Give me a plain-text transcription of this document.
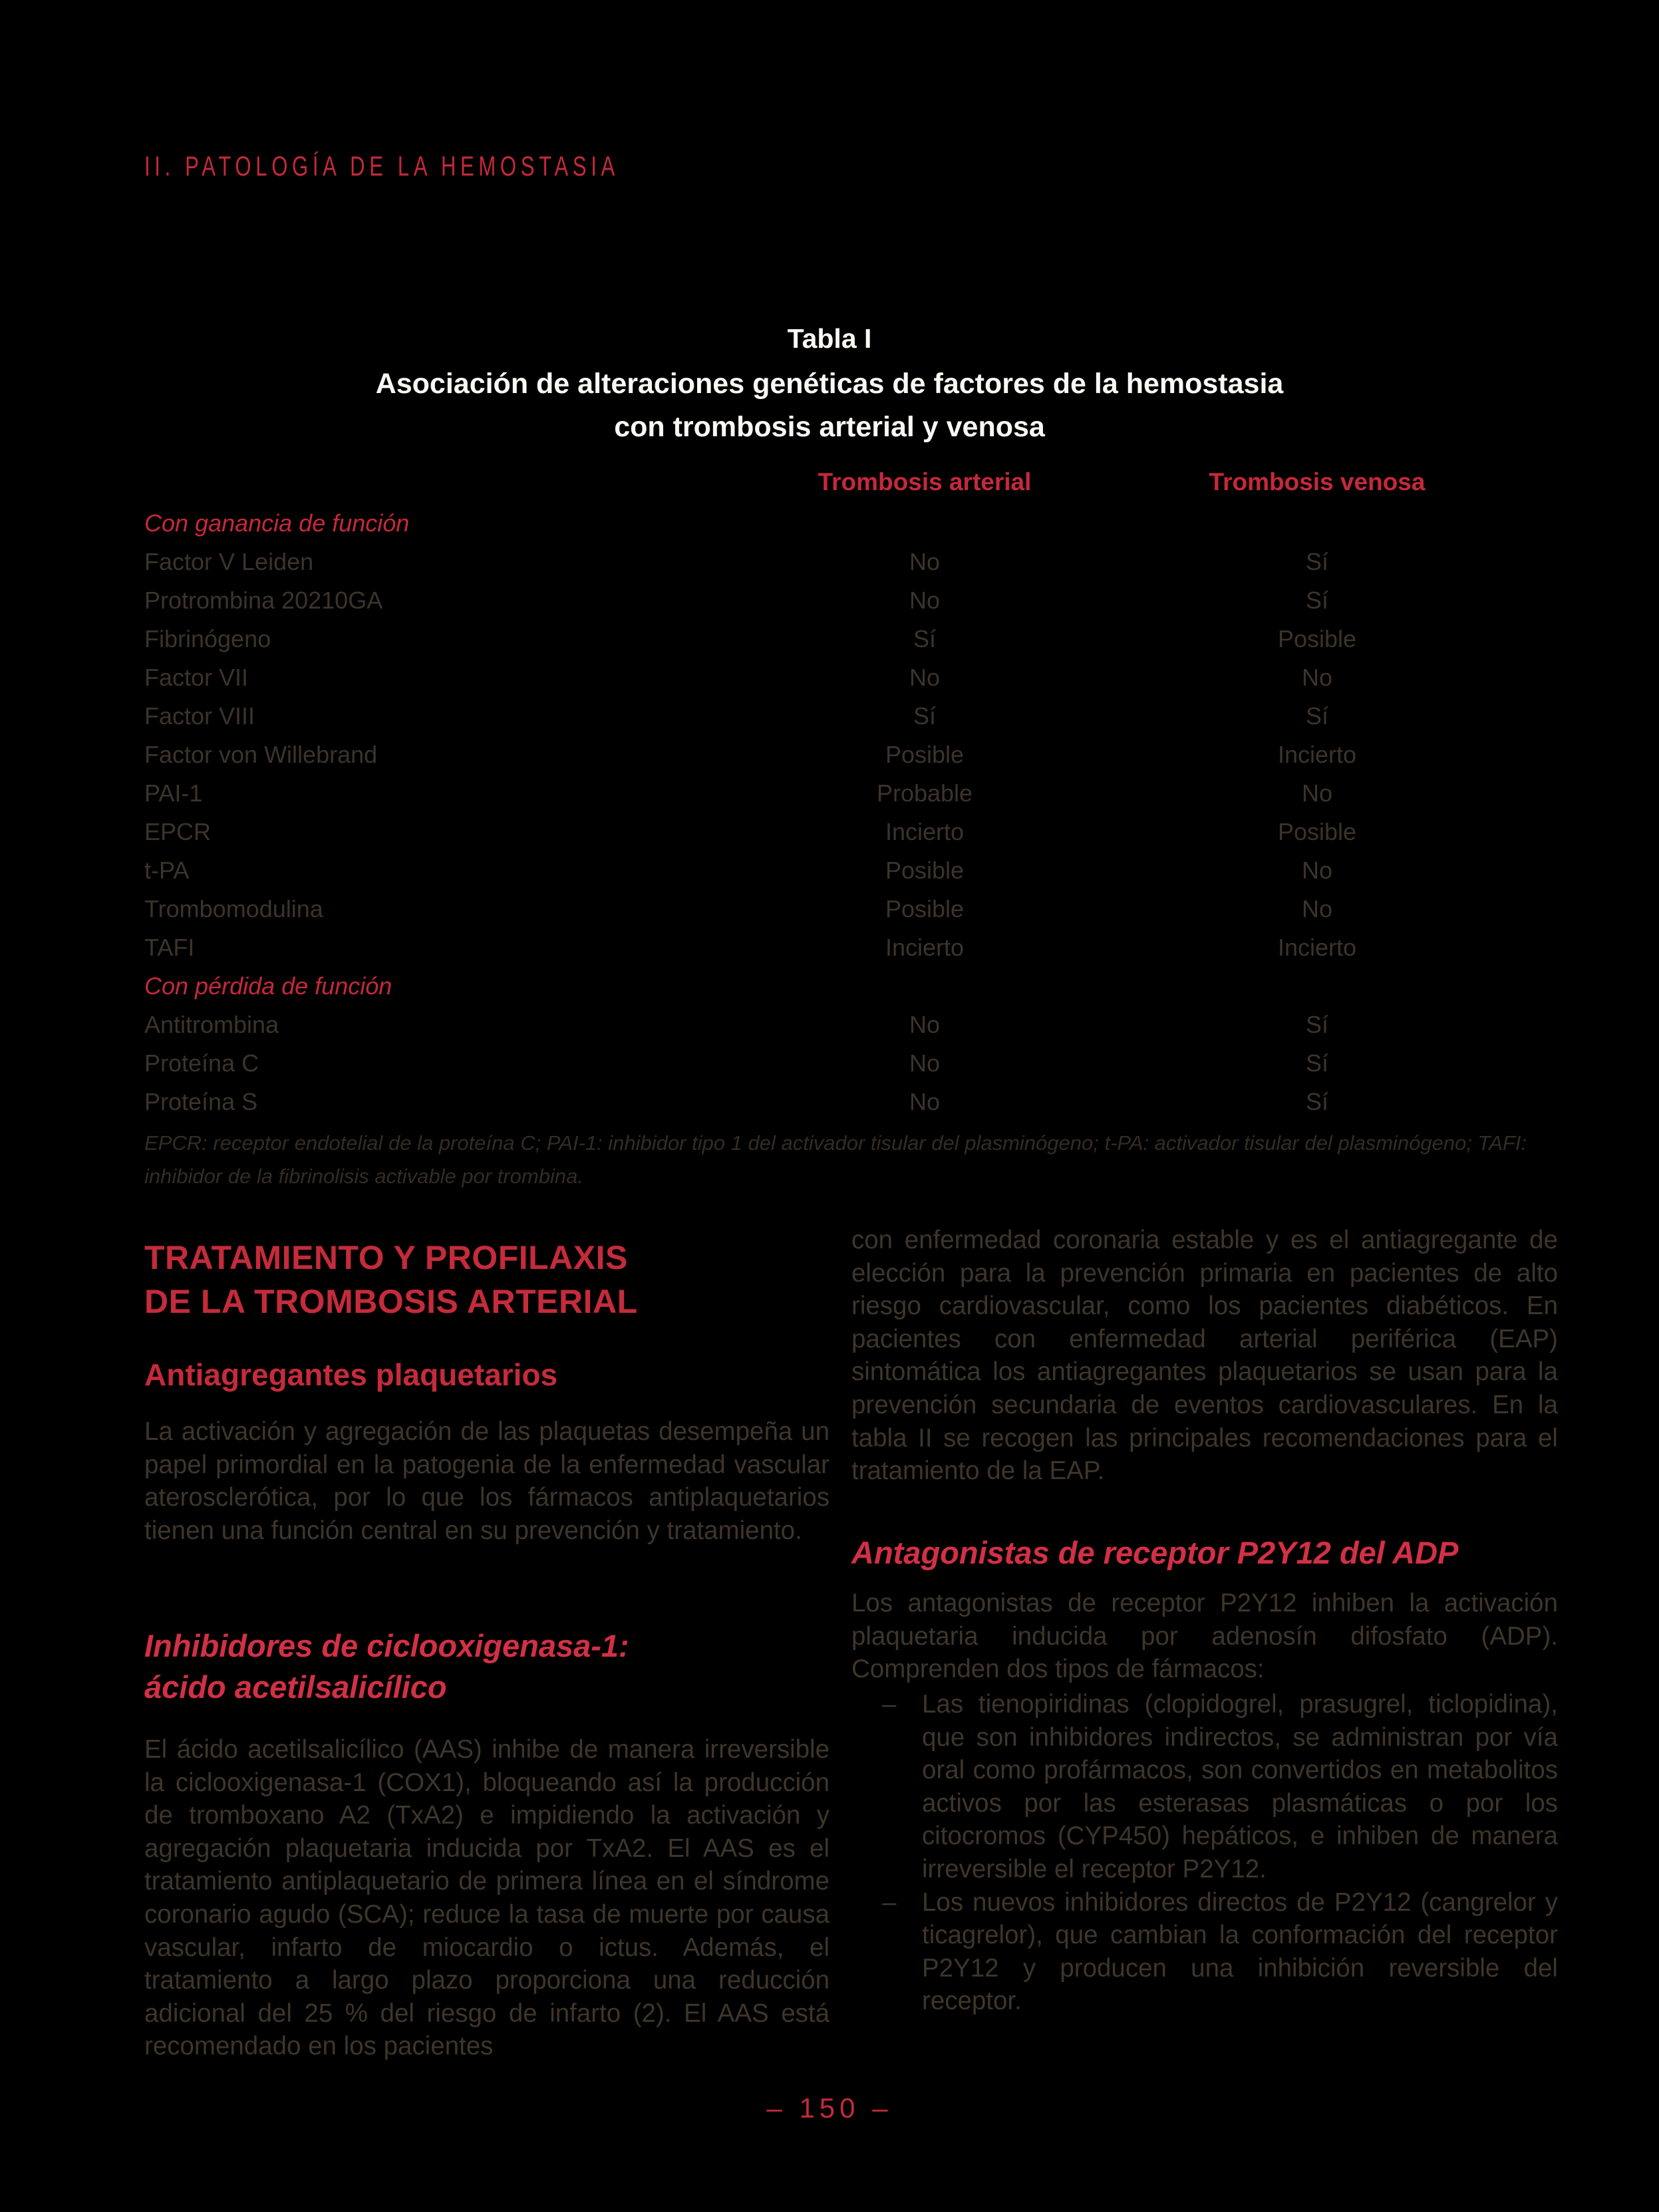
II. PATOLOGÍA DE LA HEMOSTASIA
Tabla I
Asociación de alteraciones genéticas de factores de la hemostasia
con trombosis arterial y venosa
Trombosis arterial	Trombosis venosa
Con ganancia de función
Factor V Leiden	No	Sí
Protrombina 20210GA	No	Sí
Fibrinógeno	Sí	Posible
Factor VII	No	No
Factor VIII	Sí	Sí
Factor von Willebrand	Posible	Incierto
PAI-1	Probable	No
EPCR	Incierto	Posible
t-PA	Posible	No
Trombomodulina	Posible	No
TAFI	Incierto	Incierto
Con pérdida de función
Antitrombina	No	Sí
Proteína C	No	Sí
Proteína S	No	Sí
EPCR: receptor endotelial de la proteína C; PAI-1: inhibidor tipo 1 del activador tisular del plasminógeno; t-PA: activador tisular del plasminógeno; TAFI: inhibidor de la fibrinolisis activable por trombina.
TRATAMIENTO Y PROFILAXIS
DE LA TROMBOSIS ARTERIAL
Antiagregantes plaquetarios
La activación y agregación de las plaquetas desempeña un papel primordial en la patogenia de la enfermedad vascular aterosclerótica, por lo que los fármacos antiplaquetarios tienen una función central en su prevención y tratamiento.
Inhibidores de ciclooxigenasa-1:
ácido acetilsalicílico
El ácido acetilsalicílico (AAS) inhibe de manera irreversible la ciclooxigenasa-1 (COX1), bloqueando así la producción de tromboxano A2 (TxA2) e impidiendo la activación y agregación plaquetaria inducida por TxA2. El AAS es el tratamiento antiplaquetario de primera línea en el síndrome coronario agudo (SCA); reduce la tasa de muerte por causa vascular, infarto de miocardio o ictus. Además, el tratamiento a largo plazo proporciona una reducción adicional del 25 % del riesgo de infarto (2). El AAS está recomendado en los pacientes
con enfermedad coronaria estable y es el antiagregante de elección para la prevención primaria en pacientes de alto riesgo cardiovascular, como los pacientes diabéticos. En pacientes con enfermedad arterial periférica (EAP) sintomática los antiagregantes plaquetarios se usan para la prevención secundaria de eventos cardiovasculares. En la tabla II se recogen las principales recomendaciones para el tratamiento de la EAP.
Antagonistas de receptor P2Y12 del ADP
Los antagonistas de receptor P2Y12 inhiben la activación plaquetaria inducida por adenosín difosfato (ADP). Comprenden dos tipos de fármacos:
– Las tienopiridinas (clopidogrel, prasugrel, ticlopidina), que son inhibidores indirectos, se administran por vía oral como profármacos, son convertidos en metabolitos activos por las esterasas plasmáticas o por los citocromos (CYP450) hepáticos, e inhiben de manera irreversible el receptor P2Y12.
– Los nuevos inhibidores directos de P2Y12 (cangrelor y ticagrelor), que cambian la conformación del receptor P2Y12 y producen una inhibición reversible del receptor.
– 150 –
